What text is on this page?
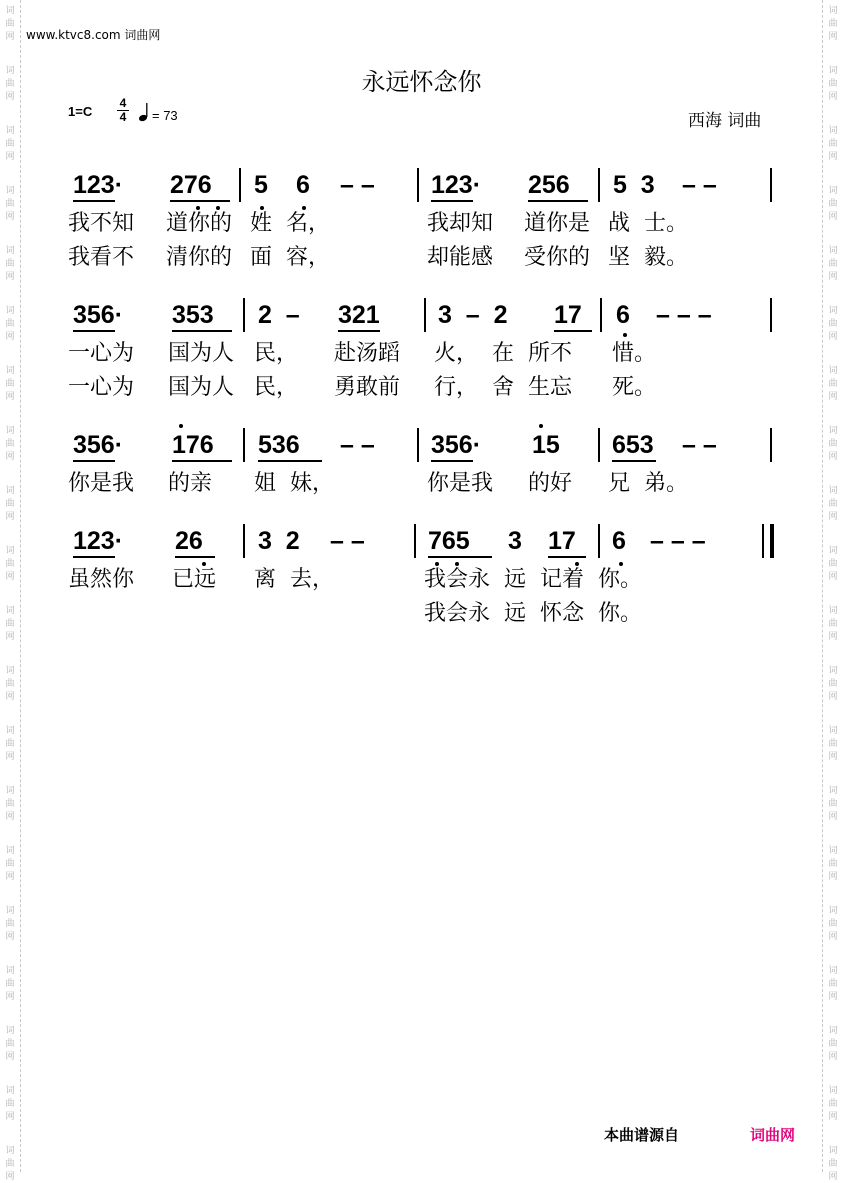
词
曲
网
词
曲
网
词
曲
网
词
曲
网
词
曲
网
词
曲
网
词
曲
网
词
曲
网
词
曲
网
词
曲
网
词
曲
网
词
曲
网
词
曲
网
词
曲
网
词
曲
网
词
曲
网
词
曲
网
词
曲
网
词
曲
网
词
曲
网
词
曲
网
词
曲
网
词
曲
网
词
曲
网
词
曲
网
词
曲
网
词
曲
网
词
曲
网
词
曲
网
词
曲
网
词
曲
网
词
曲
网
词
曲
网
词
曲
网
词
曲
网
词
曲
网
词
曲
网
词
曲
网
词
曲
网
词
曲
网
www.ktvc8.com 词曲网
永远怀念你
1=C
4
4 = 73	西海 词曲
123· 276 5 6 – – 123· 256 5  3 – –
我不知 道你的 姓  名，	我却知 道你是 战  士。
我看不 清你的 面  容，	却能感 受你的 坚  毅。
356· 353 2  – 321 3  –  2 17 6 – – –
一心为 国为人 民， 赴汤蹈 火，  在  所不 惜。
一心为 国为人 民， 勇敢前 行，  舍  生忘 死。
356· 176 536 – – 356· 15 653 – –
你是我 的亲 姐  妹，	你是我 的好 兄  弟。
123· 26 3  2 – –	765 3 17 6 – – –
虽然你 已远 离  去，	我会永  远  记着  你。
我会永  远  怀念  你。
本曲谱源自	词曲网
